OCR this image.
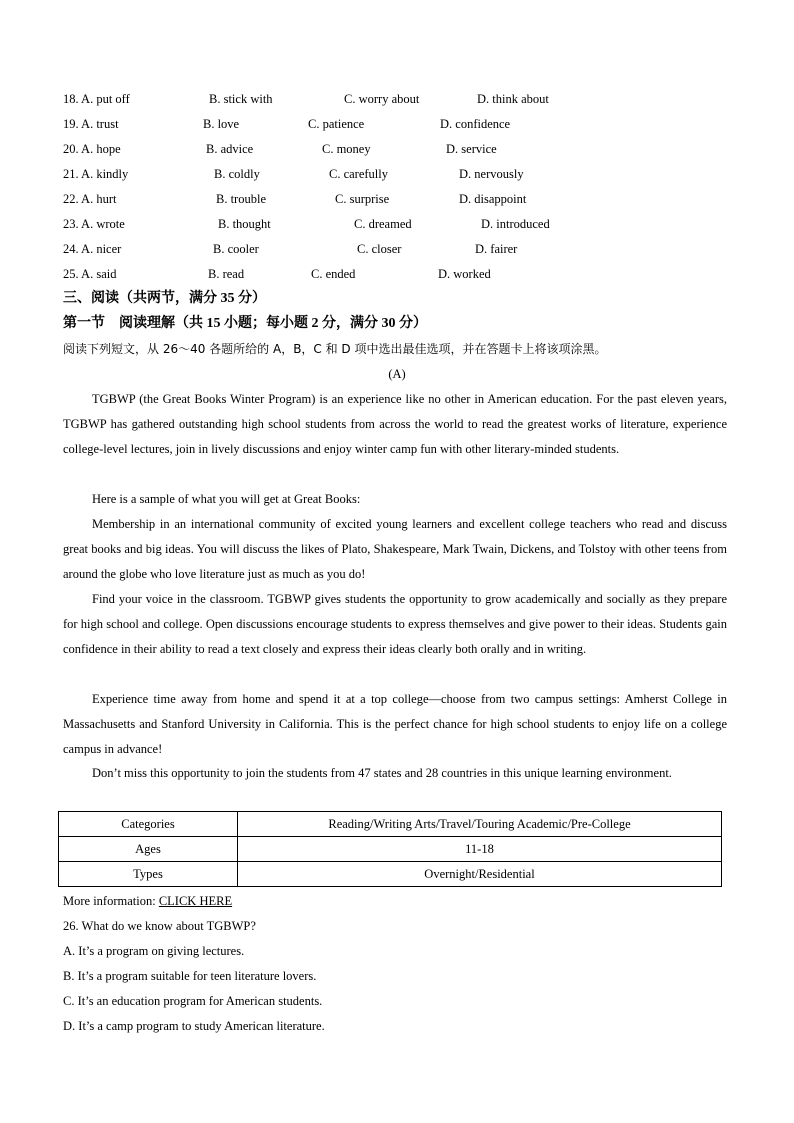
18. A. put off	B. stick with	C. worry about	D. think about
19. A. trust	B. love	C. patience	D. confidence
20. A. hope	B. advice	C. money	D. service
21. A. kindly	B. coldly	C. carefully	D. nervously
22. A. hurt	B. trouble	C. surprise	D. disappoint
23. A. wrote	B. thought	C. dreamed	D. introduced
24. A. nicer	B. cooler	C. closer	D. fairer
25. A. said	B. read	C. ended	D. worked
三、阅读（共两节，满分 35 分）
第一节　阅读理解（共 15 小题；每小题 2 分，满分 30 分）
阅读下列短文，从 26～40 各题所给的 A，B，C 和 D 项中选出最佳选项，并在答题卡上将该项涂黑。
(A)
TGBWP (the Great Books Winter Program) is an experience like no other in American education. For the past eleven years, TGBWP has gathered outstanding high school students from across the world to read the greatest works of literature, experience college-level lectures, join in lively discussions and enjoy winter camp fun with other literary-minded students.
Here is a sample of what you will get at Great Books:
Membership in an international community of excited young learners and excellent college teachers who read and discuss great books and big ideas. You will discuss the likes of Plato, Shakespeare, Mark Twain, Dickens, and Tolstoy with other teens from around the globe who love literature just as much as you do!
Find your voice in the classroom. TGBWP gives students the opportunity to grow academically and socially as they prepare for high school and college. Open discussions encourage students to express themselves and give power to their ideas. Students gain confidence in their ability to read a text closely and express their ideas clearly both orally and in writing.
Experience time away from home and spend it at a top college—choose from two campus settings: Amherst College in Massachusetts and Stanford University in California. This is the perfect chance for high school students to enjoy life on a college campus in advance!
Don’t miss this opportunity to join the students from 47 states and 28 countries in this unique learning environment.
Categories	Reading/Writing Arts/Travel/Touring Academic/Pre-College
Ages	11-18
Types	Overnight/Residential
More information: CLICK HERE
26. What do we know about TGBWP?
A. It’s a program on giving lectures.
B. It’s a program suitable for teen literature lovers.
C. It’s an education program for American students.
D. It’s a camp program to study American literature.
